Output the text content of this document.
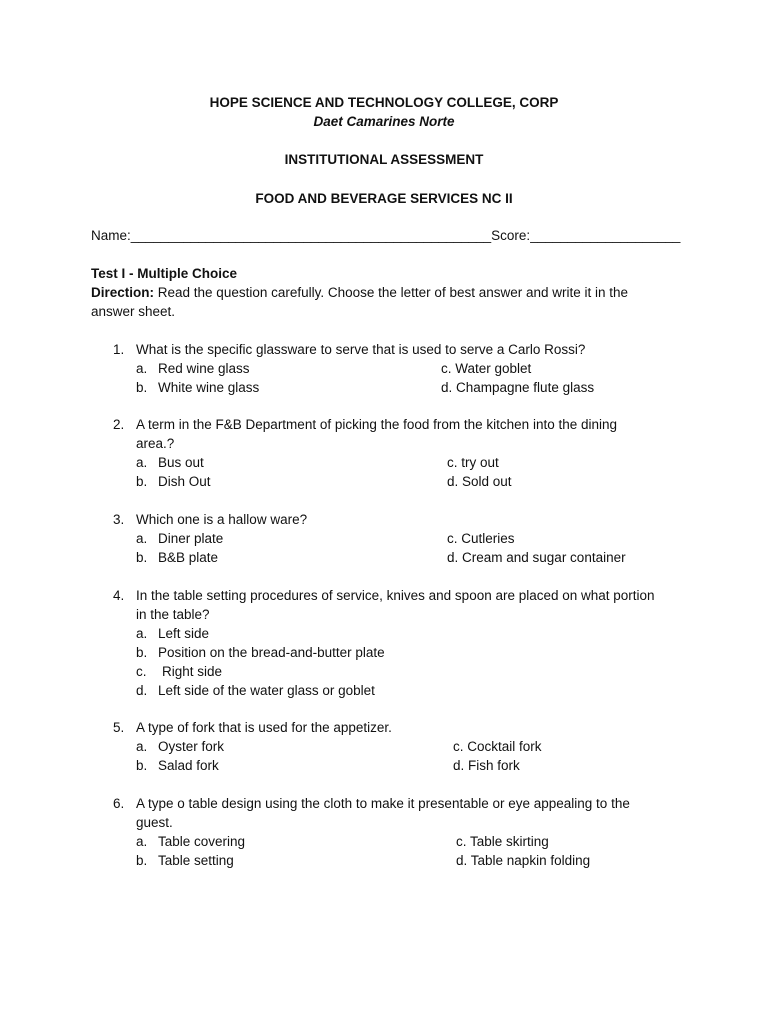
HOPE SCIENCE AND TECHNOLOGY COLLEGE, CORP
Daet Camarines Norte
INSTITUTIONAL ASSESSMENT
FOOD AND BEVERAGE SERVICES NC II
Name:________________________________________________Score:____________________
Test I - Multiple Choice
Direction: Read the question carefully. Choose the letter of best answer and write it in the
answer sheet.
1. What is the specific glassware to serve that is used to serve a Carlo Rossi?
a. Red wine glass
b. White wine glass
c. Water goblet
d. Champagne flute glass
2. A term in the F&B Department of picking the food from the kitchen into the dining
area.?
a. Bus out
b. Dish Out
c. try out
d. Sold out
3. Which one is a hallow ware?
a. Diner plate
b. B&B plate
c. Cutleries
d. Cream and sugar container
4. In the table setting procedures of service, knives and spoon are placed on what portion
in the table?
a. Left side
b. Position on the bread-and-butter plate
c. Right side
d. Left side of the water glass or goblet
5. A type of fork that is used for the appetizer.
a. Oyster fork
b. Salad fork
c. Cocktail fork
d. Fish fork
6. A type o table design using the cloth to make it presentable or eye appealing to the
guest.
a. Table covering
b. Table setting
c. Table skirting
d. Table napkin folding
